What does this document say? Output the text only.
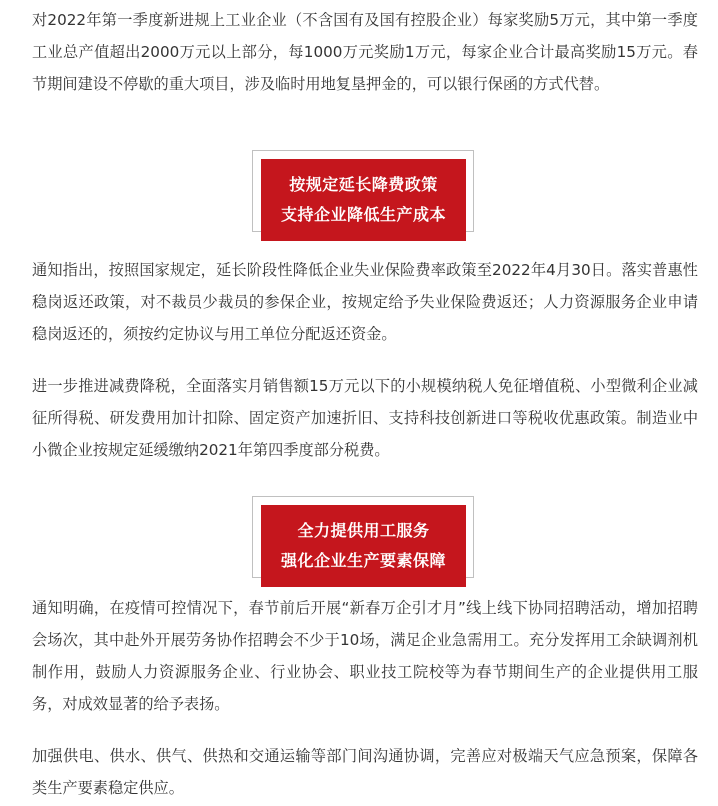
对2022年第一季度新进规上工业企业（不含国有及国有控股企业）每家奖励5万元，其中第一季度工业总产值超出2000万元以上部分，每1000万元奖励1万元，每家企业合计最高奖励15万元。春节期间建设不停歇的重大项目，涉及临时用地复垦押金的，可以银行保函的方式代替。

按规定延长降费政策
支持企业降低生产成本

通知指出，按照国家规定，延长阶段性降低企业失业保险费率政策至2022年4月30日。落实普惠性稳岗返还政策，对不裁员少裁员的参保企业，按规定给予失业保险费返还；人力资源服务企业申请稳岗返还的，须按约定协议与用工单位分配返还资金。

进一步推进减费降税，全面落实月销售额15万元以下的小规模纳税人免征增值税、小型微利企业减征所得税、研发费用加计扣除、固定资产加速折旧、支持科技创新进口等税收优惠政策。制造业中小微企业按规定延缓缴纳2021年第四季度部分税费。

全力提供用工服务
强化企业生产要素保障

通知明确，在疫情可控情况下，春节前后开展“新春万企引才月”线上线下协同招聘活动，增加招聘会场次，其中赴外开展劳务协作招聘会不少于10场，满足企业急需用工。充分发挥用工余缺调剂机制作用，鼓励人力资源服务企业、行业协会、职业技工院校等为春节期间生产的企业提供用工服务，对成效显著的给予表扬。

加强供电、供水、供气、供热和交通运输等部门间沟通协调，完善应对极端天气应急预案，保障各类生产要素稳定供应。
